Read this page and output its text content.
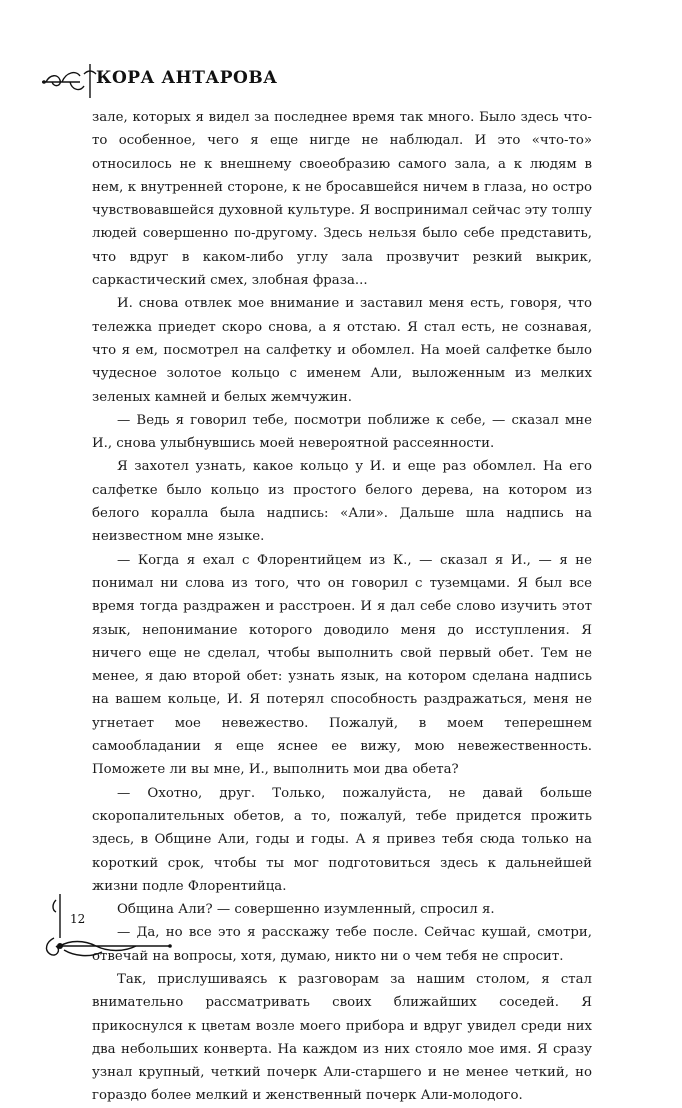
КОРА АНТАРОВА

зале, которых я видел за последнее время так много. Было здесь что-то особенное, чего я еще нигде не наблюдал. И это «что-то» относилось не к внешнему своеобразию самого зала, а к людям в нем, к внутренней стороне, к не бросавшейся ничем в глаза, но остро чувствовавшейся духовной культуре. Я воспринимал сейчас эту толпу людей совершенно по-другому. Здесь нельзя было себе представить, что вдруг в каком-либо углу зала прозвучит резкий выкрик, саркастический смех, злобная фраза...

И. снова отвлек мое внимание и заставил меня есть, говоря, что тележка приедет скоро снова, а я отстаю. Я стал есть, не сознавая, что я ем, посмотрел на салфетку и обомлел. На моей салфетке было чудесное золотое кольцо с именем Али, выложенным из мелких зеленых камней и белых жемчужин.

— Ведь я говорил тебе, посмотри поближе к себе, — сказал мне И., снова улыбнувшись моей невероятной рассеянности.

Я захотел узнать, какое кольцо у И. и еще раз обомлел. На его салфетке было кольцо из простого белого дерева, на котором из белого коралла была надпись: «Али». Дальше шла надпись на неизвестном мне языке.

— Когда я ехал с Флорентийцем из К., — сказал я И., — я не понимал ни слова из того, что он говорил с туземцами. Я был все время тогда раздражен и расстроен. И я дал себе слово изучить этот язык, непонимание которого доводило меня до исступления. Я ничего еще не сделал, чтобы выполнить свой первый обет. Тем не менее, я даю второй обет: узнать язык, на котором сделана надпись на вашем кольце, И. Я потерял способность раздражаться, меня не угнетает мое невежество. Пожалуй, в моем теперешнем самообладании я еще яснее ее вижу, мою невежественность. Поможете ли вы мне, И., выполнить мои два обета?

— Охотно, друг. Только, пожалуйста, не давай больше скоропалительных обетов, а то, пожалуй, тебе придется прожить здесь, в Общине Али, годы и годы. А я привез тебя сюда только на короткий срок, чтобы ты мог подготовиться здесь к дальнейшей жизни подле Флорентийца.

Община Али? — совершенно изумленный, спросил я.

— Да, но все это я расскажу тебе после. Сейчас кушай, смотри, отвечай на вопросы, хотя, думаю, никто ни о чем тебя не спросит.

Так, прислушиваясь к разговорам за нашим столом, я стал внимательно рассматривать своих ближайших соседей. Я прикоснулся к цветам возле моего прибора и вдруг увидел среди них два небольших конверта. На каждом из них стояло мое имя. Я сразу узнал крупный, четкий почерк Али-старшего и не менее четкий, но гораздо более мелкий и женственный почерк Али-молодого.

12
